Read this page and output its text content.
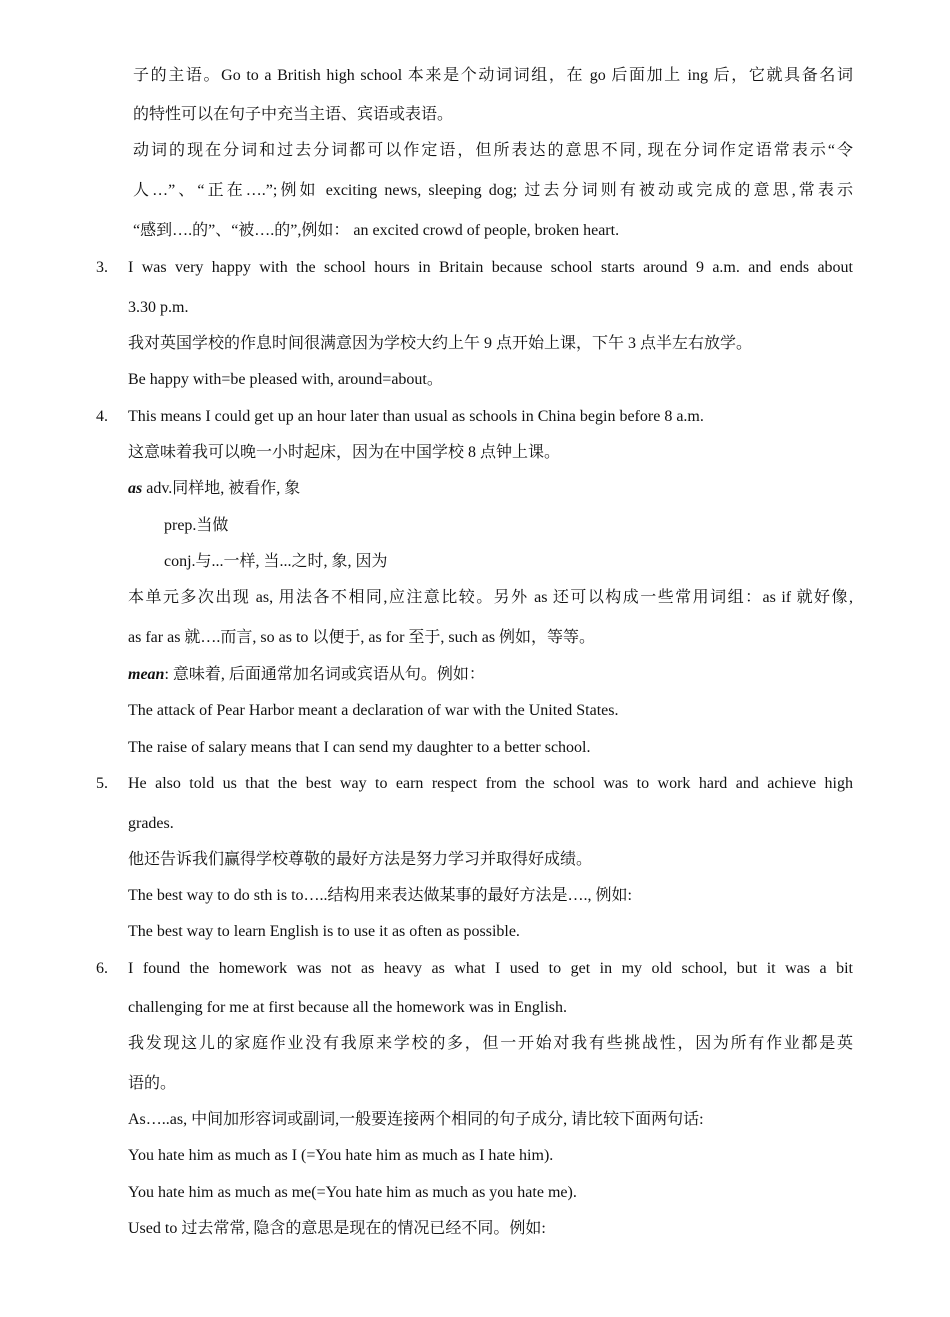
子的主语。Go to a British high school 本来是个动词词组，在 go 后面加上 ing 后，它就具备名词
的特性可以在句子中充当主语、宾语或表语。
动词的现在分词和过去分词都可以作定语，但所表达的意思不同, 现在分词作定语常表示“令
人…”、“正在….”;例如 exciting news, sleeping dog; 过去分词则有被动或完成的意思,常表示
“感到….的”、“被….的”,例如： an excited crowd of people, broken heart.
3. I was very happy with the school hours in Britain because school starts around 9 a.m. and ends about
3.30 p.m.
我对英国学校的作息时间很满意因为学校大约上午 9 点开始上课，下午 3 点半左右放学。
Be happy with=be pleased with, around=about。
4. This means I could get up an hour later than usual as schools in China begin before 8 a.m.
这意味着我可以晚一小时起床，因为在中国学校 8 点钟上课。
as adv.同样地, 被看作, 象
prep.当做
conj.与...一样, 当...之时, 象, 因为
本单元多次出现 as, 用法各不相同,应注意比较。另外 as 还可以构成一些常用词组：as if 就好像,
as far as 就….而言, so as to 以便于, as for 至于, such as 例如，等等。
mean: 意味着, 后面通常加名词或宾语从句。例如：
The attack of Pear Harbor meant a declaration of war with the United States.
The raise of salary means that I can send my daughter to a better school.
5. He also told us that the best way to earn respect from the school was to work hard and achieve high
grades.
他还告诉我们赢得学校尊敬的最好方法是努力学习并取得好成绩。
The best way to do sth is to…..结构用来表达做某事的最好方法是…., 例如:
The best way to learn English is to use it as often as possible.
6. I found the homework was not as heavy as what I used to get in my old school, but it was a bit
challenging for me at first because all the homework was in English.
我发现这儿的家庭作业没有我原来学校的多，但一开始对我有些挑战性，因为所有作业都是英
语的。
As…..as, 中间加形容词或副词,一般要连接两个相同的句子成分, 请比较下面两句话:
You hate him as much as I (=You hate him as much as I hate him).
You hate him as much as me(=You hate him as much as you hate me).
Used to 过去常常, 隐含的意思是现在的情况已经不同。例如:
